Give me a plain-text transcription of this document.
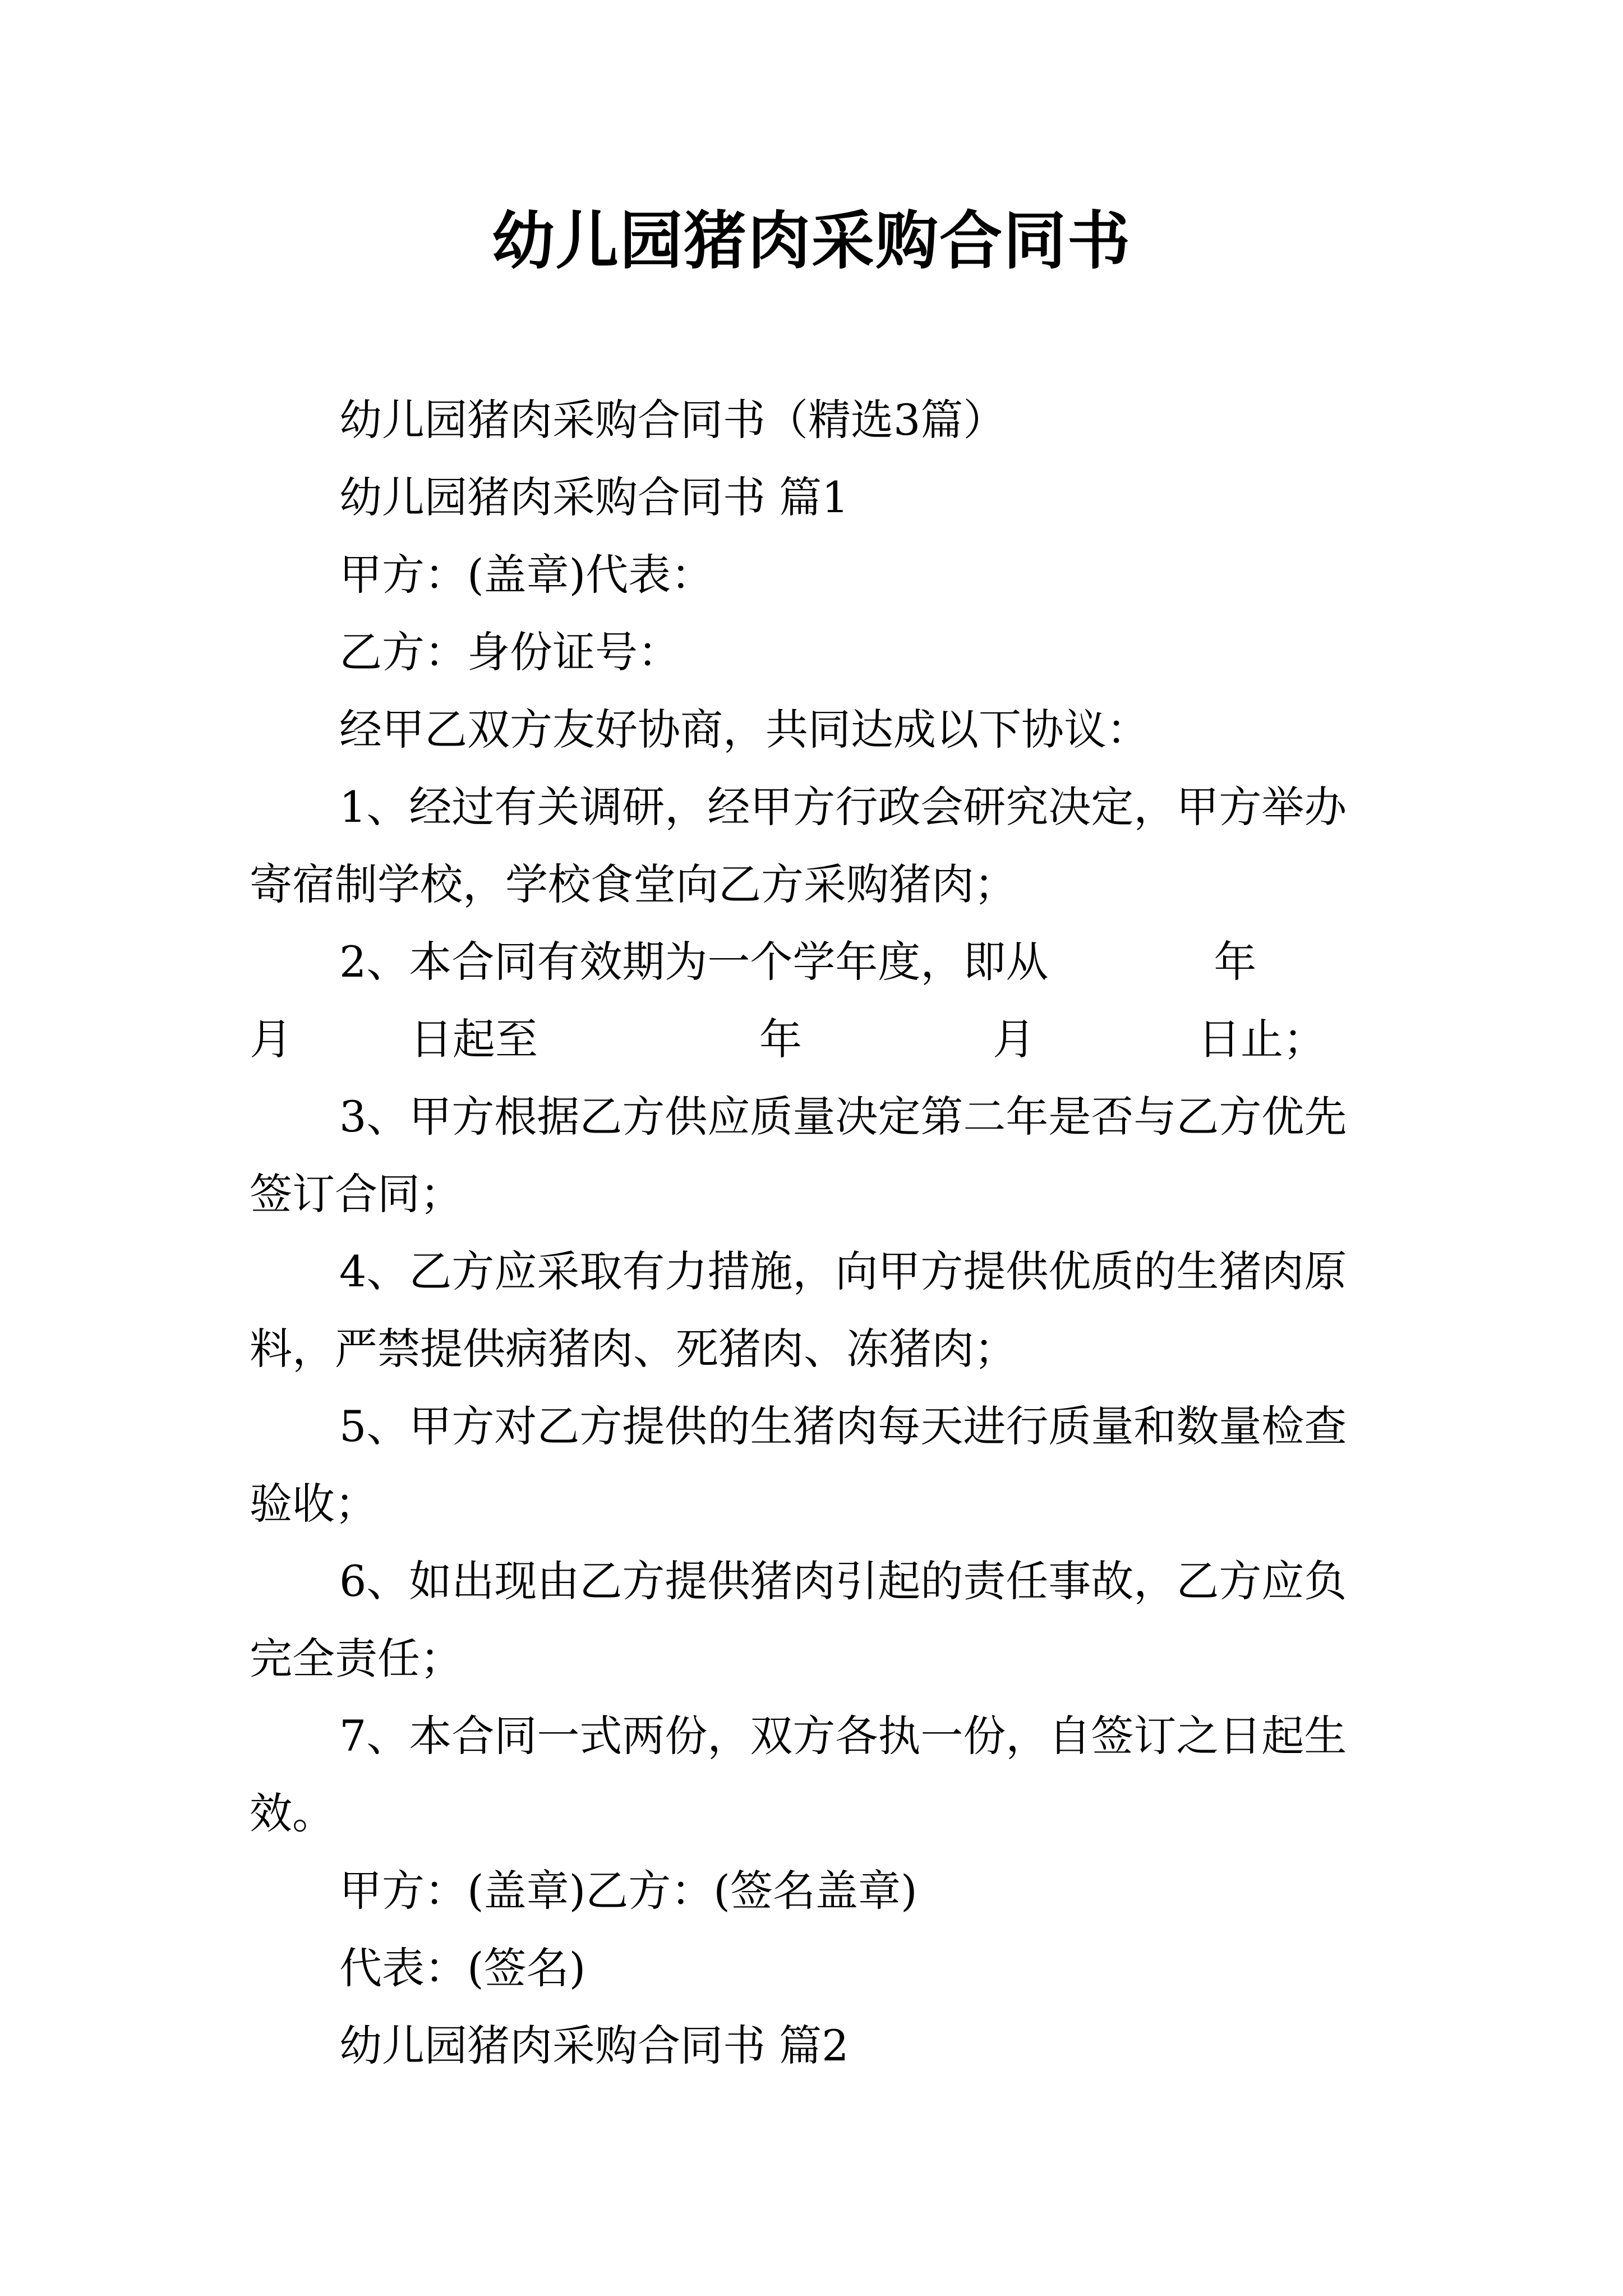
幼儿园猪肉采购合同书
幼儿园猪肉采购合同书（精选3篇）
幼儿园猪肉采购合同书 篇1
甲方：(盖章)代表：
乙方：身份证号：
经甲乙双方友好协商，共同达成以下协议：
1、经过有关调研，经甲方行政会研究决定，甲方举办
寄宿制学校，学校食堂向乙方采购猪肉；
2、本合同有效期为一个学年度，即从	年
月	日起至	年	月	日止；
3、甲方根据乙方供应质量决定第二年是否与乙方优先
签订合同；
4、乙方应采取有力措施，向甲方提供优质的生猪肉原
料，严禁提供病猪肉、死猪肉、冻猪肉；
5、甲方对乙方提供的生猪肉每天进行质量和数量检查
验收；
6、如出现由乙方提供猪肉引起的责任事故，乙方应负
完全责任；
7、本合同一式两份，双方各执一份，自签订之日起生
效。
甲方：(盖章)乙方：(签名盖章)
代表：(签名)
幼儿园猪肉采购合同书 篇2
